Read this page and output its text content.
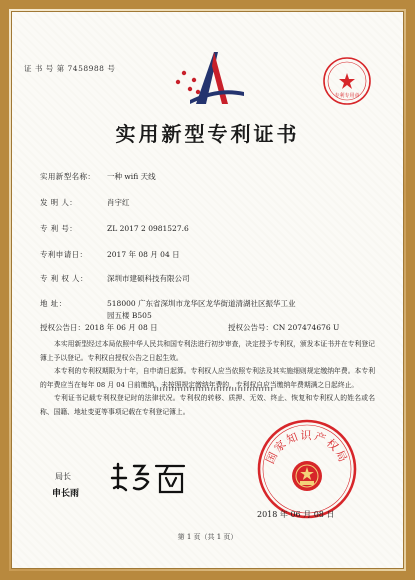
证 书 号 第 7458988 号
专利专用章
实用新型专利证书
实用新型名称： 一种 wifi 天线
发 明 人：	肖宇红
专 利 号：	ZL 2017 2 0981527.6
专利申请日：	2017 年 08 月 04 日
专 利 权 人：	深圳市建硕科技有限公司
地 址：	518000 广东省深圳市龙华区龙华街道清湖社区振华工业
园五楼 B505
授权公告日：2018 年 06 月 08 日	授权公告号：CN 207474676 U

本实用新型经过本局依照中华人民共和国专利法进行初步审查，决定授予专利权，颁发本证书并在专利登记簿上予以登记。专利权自授权公告之日起生效。

本专利的专利权期限为十年，自申请日起算。专利权人应当依照专利法及其实施细则规定缴纳年费。本专利的年费应当在每年 08 月 04 日前缴纳。未按照规定缴纳年费的，专利权自应当缴纳年费期满之日起终止。

专利证书记载专利权登记时的法律状况。专利权的转移、质押、无效、终止、恢复和专利权人的姓名或名称、国籍、地址变更等事项记载在专利登记簿上。

局长
申长雨
国家知识产权局
2018 年 06 月 08 日
第 1 页（共 1 页）
